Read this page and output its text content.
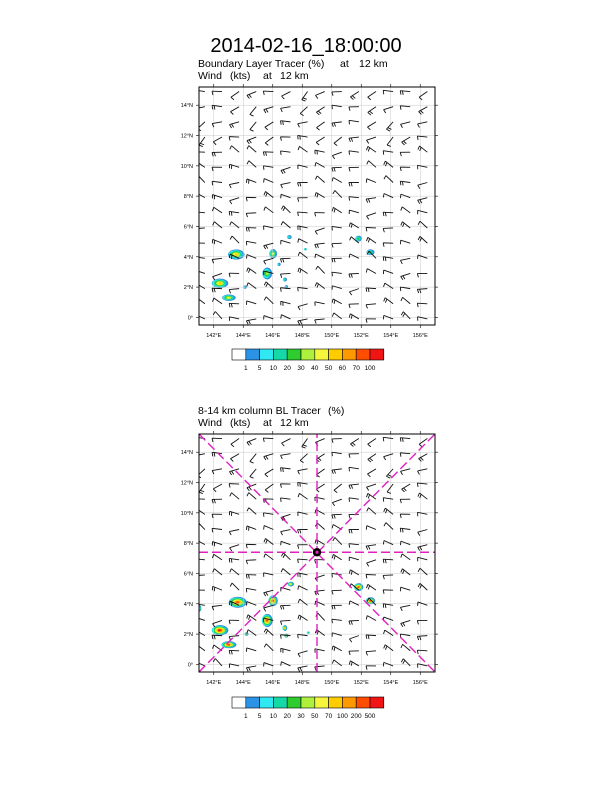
2014-02-16_18:00:00
Boundary Layer Tracer (%) at 12 km
Wind (kts) at 12 km
142°E	144°E	146°E	148°E	150°E	152°E	154°E	156°E
0°
2°N
4°N
6°N
8°N
10°N
12°N
14°N
1 5 10 20 30 40 50 60 70 100
8-14 km column BL Tracer (%)
Wind (kts) at 12 km
142°E	144°E	146°E	148°E	150°E	152°E	154°E	156°E
0°
2°N
4°N
6°N
8°N
10°N
12°N
14°N
1 5 10 20 30 50 70 100 200 500
